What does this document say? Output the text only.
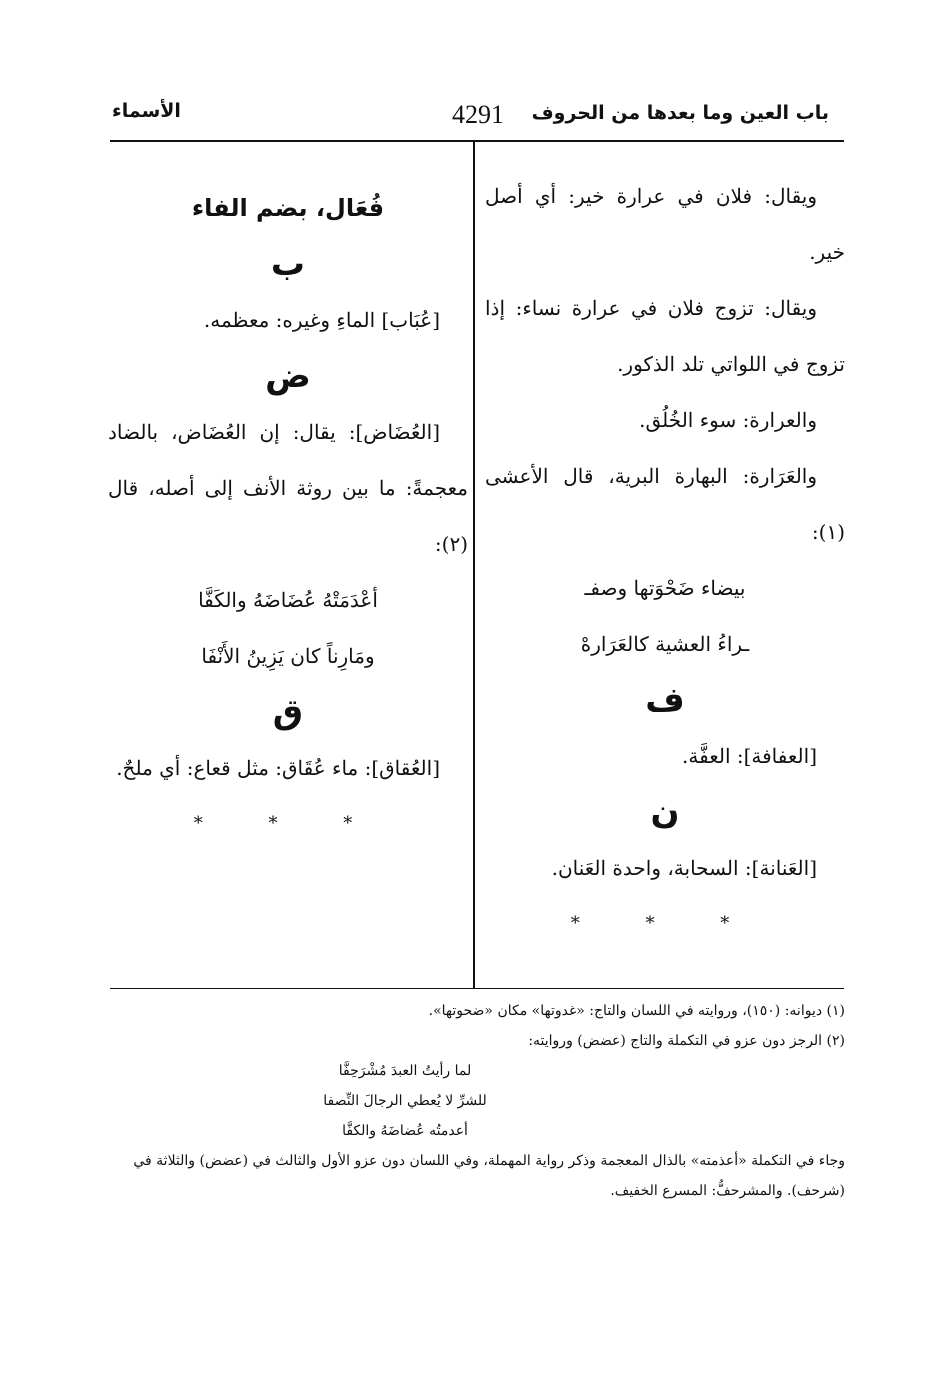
باب العين وما بعدها من الحروف
4291
الأسماء

ويقال: فلان في عرارة خير: أي أصل خير.

ويقال: تزوج فلان في عرارة نساء: إذا تزوج في اللواتي تلد الذكور.

والعرارة: سوء الخُلُق.

والعَرَارة: البهارة البرية، قال الأعشى (١):

بيضاء ضَحْوَتها وصفـ

ـراءُ العشية كالعَرَارهْ

ف

[العفافة]: العفَّة.

ن

[العَنانة]: السحابة، واحدة العَنان.

* * *

فُعَال، بضم الفاء

ب

[عُبَاب] الماءِ وغيره: معظمه.

ض

[العُضَاض]: يقال: إن العُضَاض، بالضاد معجمةً: ما بين روثة الأنف إلى أصله، قال (٢):

أعْدَمَتْهُ عُضَاضَهُ والكَفَّا

ومَارِناً كان يَزِينُ الأَنْفَا

ق

[العُقاق]: ماء عُقَاق: مثل قعاع: أي ملحٌ.

* * *

(١) ديوانه: (١٥٠)، وروايته في اللسان والتاج: «غدوتها» مكان «ضحوتها».

(٢) الرجز دون عزو في التكملة والتاج (عضض) وروايته:

لما رأيتُ العبدَ مُشْرَحِفَّا

للشرِّ لا يُعطي الرجالَ النِّصفا

أعدمتُه عُضاضَهُ والكفَّا

وجاء في التكملة «أعذمته» بالذال المعجمة وذكر رواية المهملة، وفي اللسان دون عزو الأول والثالث في (عضض) والثلاثة في (شرحف). والمشرحفُّ: المسرع الخفيف.
